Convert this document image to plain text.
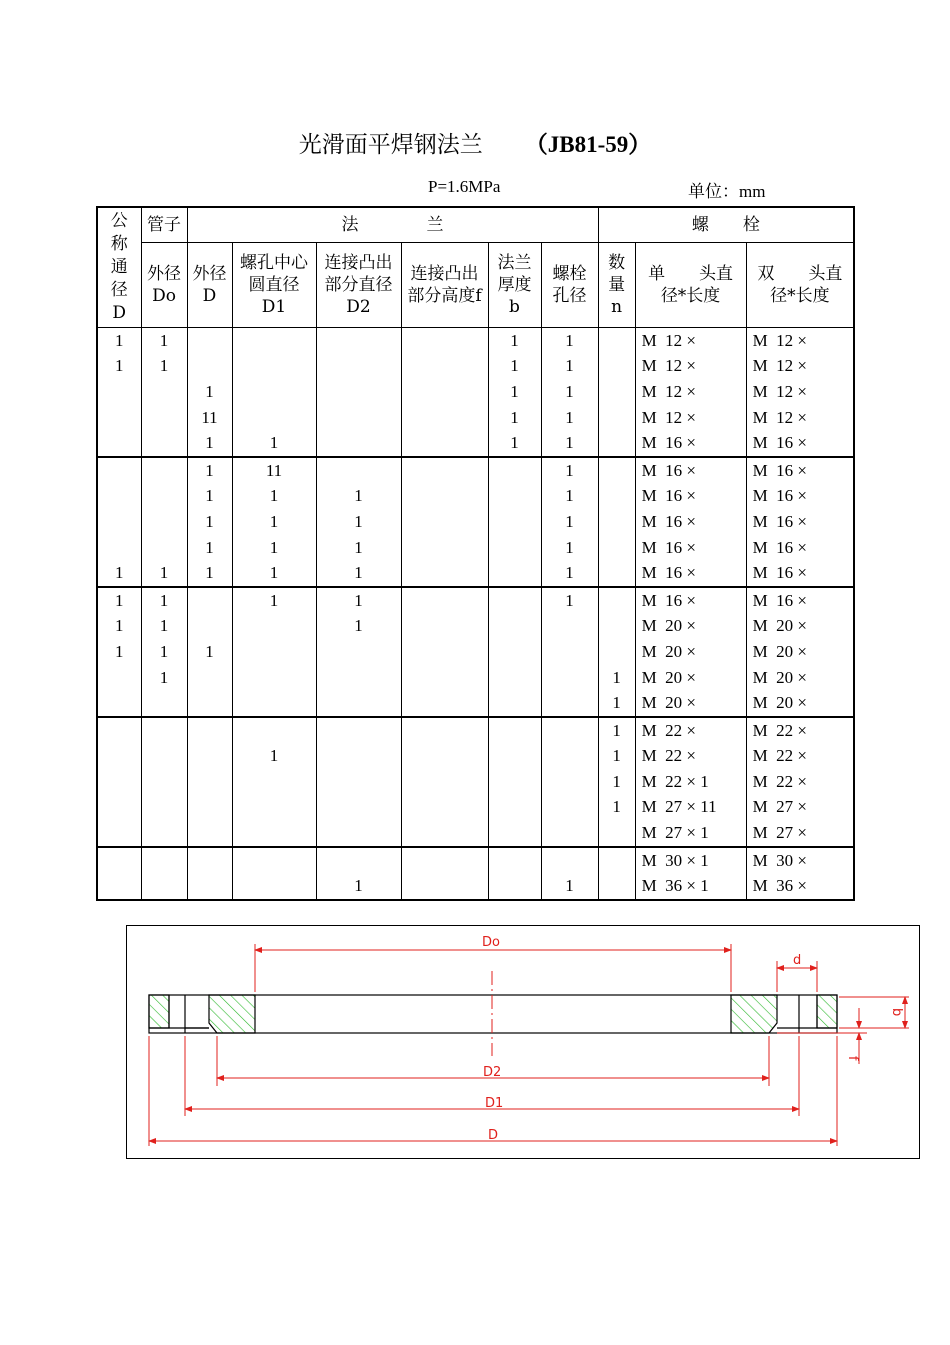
光滑面平焊钢法兰 （JB81-59）
P=1.6MPa	单位：mm
公称通径D	管子	法　　　　兰						螺　　栓		

	外径Do	外径D	螺孔中心圆直径 D1	连接凸出部分直径D2	连接凸出部分高度f	法兰厚度b	螺栓孔径	数量n	单　　头直径*长度	双　　头直径*长度

1	1					1	1		M  12 ×	M  12 ×
1	1					1	1		M  12 ×	M  12 ×
		1				1	1		M  12 ×	M  12 ×
		11				1	1		M  12 ×	M  12 ×
		1	1			1	1		M  16 ×	M  16 ×
		1	11				1		M  16 ×	M  16 ×
		1	1	1			1		M  16 ×	M  16 ×
		1	1	1			1		M  16 ×	M  16 ×
		1	1	1			1		M  16 ×	M  16 ×
1	1	1	1	1			1		M  16 ×	M  16 ×
1	1		1	1			1		M  16 ×	M  16 ×
1	1			1					M  20 ×	M  20 ×
1	1	1							M  20 ×	M  20 ×
	1							1	M  20 ×	M  20 ×
								1	M  20 ×	M  20 ×
								1	M  22 ×	M  22 ×
			1					1	M  22 ×	M  22 ×
								1	M  22 × 1	M  22 ×
								1	M  27 × 11	M  27 ×
									M  27 × 1	M  27 ×
									M  30 × 1	M  30 ×
				1			1		M  36 × 1	M  36 ×
Do
d
D2
D1
D
b
f
